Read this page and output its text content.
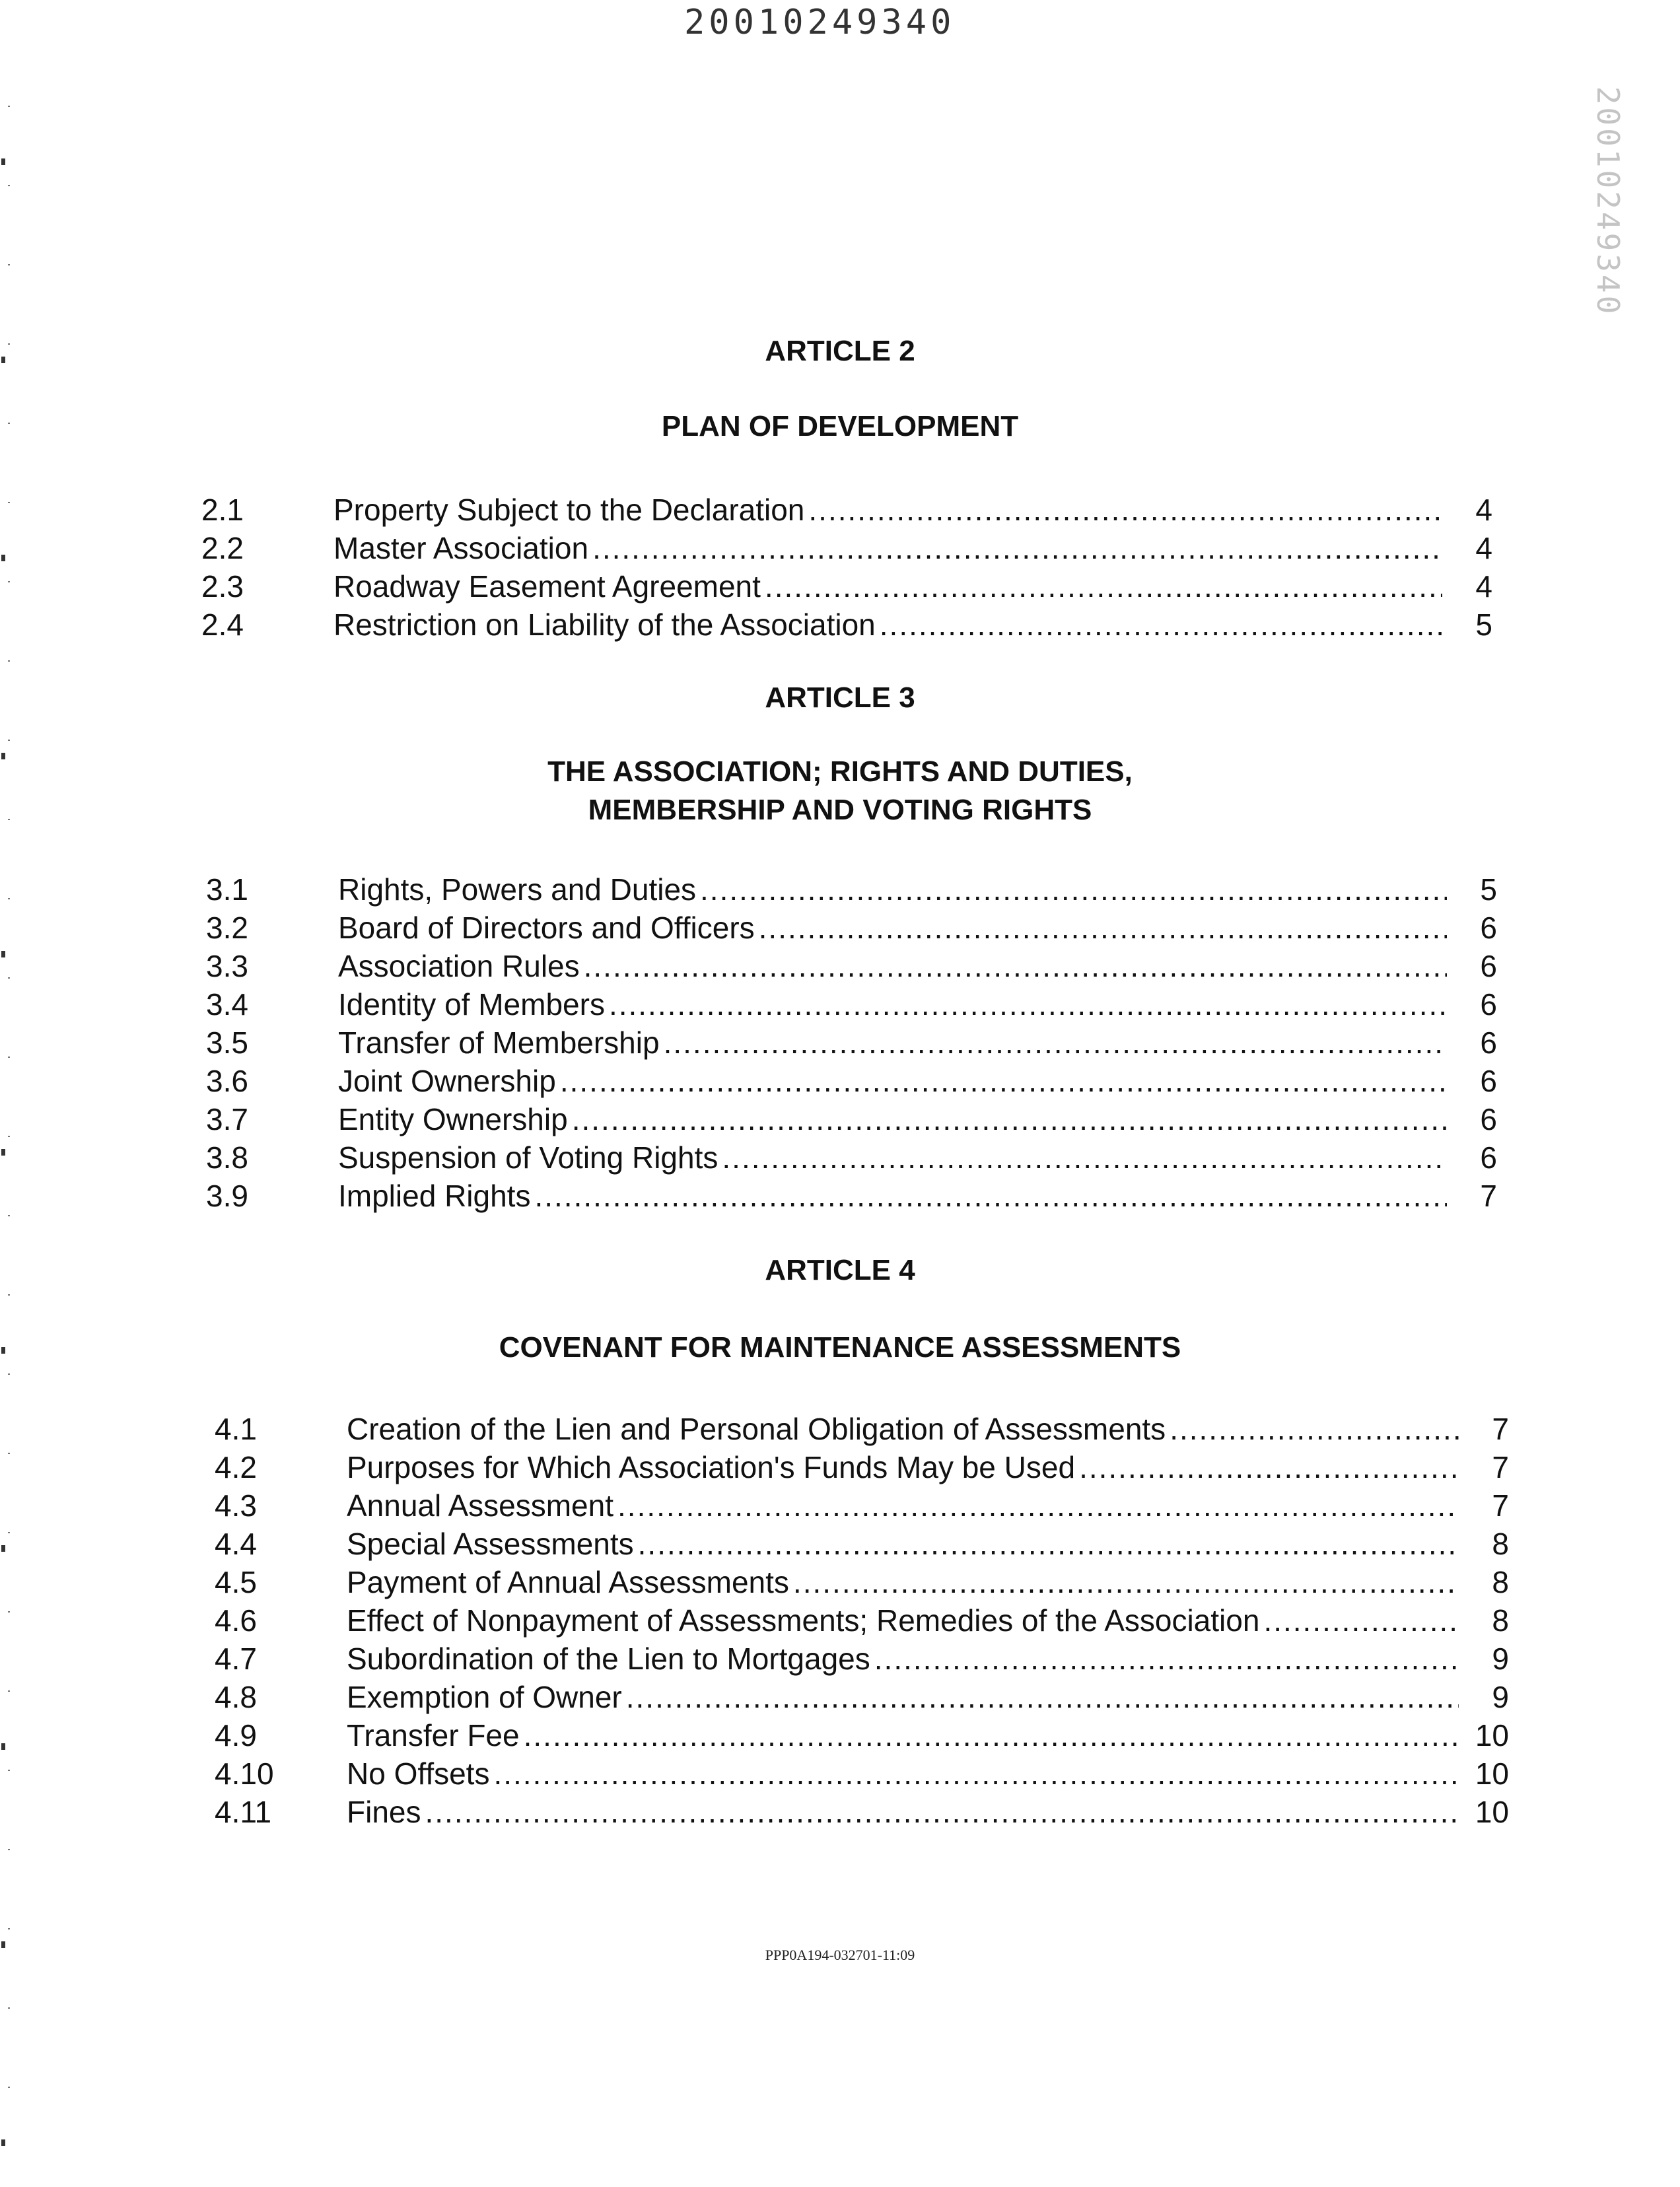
20010249340
20010249340
ARTICLE 2
PLAN OF DEVELOPMENT
2.1	Property Subject to the Declaration .....	4
2.2	Master Association .....	4
2.3	Roadway Easement Agreement .....	4
2.4	Restriction on Liability of the Association .....	5
ARTICLE 3
THE ASSOCIATION; RIGHTS AND DUTIES,
MEMBERSHIP AND VOTING RIGHTS
3.1	Rights, Powers and Duties .....	5
3.2	Board of Directors and Officers .....	6
3.3	Association Rules .....	6
3.4	Identity of Members .....	6
3.5	Transfer of Membership .....	6
3.6	Joint Ownership .....	6
3.7	Entity Ownership .....	6
3.8	Suspension of Voting Rights .....	6
3.9	Implied Rights .....	7
ARTICLE 4
COVENANT FOR MAINTENANCE ASSESSMENTS
4.1	Creation of the Lien and Personal Obligation of Assessments .....	7
4.2	Purposes for Which Association's Funds May be Used .....	7
4.3	Annual Assessment .....	7
4.4	Special Assessments .....	8
4.5	Payment of Annual Assessments .....	8
4.6	Effect of Nonpayment of Assessments; Remedies of the Association .....	8
4.7	Subordination of the Lien to Mortgages .....	9
4.8	Exemption of Owner .....	9
4.9	Transfer Fee .....	10
4.10	No Offsets .....	10
4.11	Fines .....	10
PPP0A194-032701-11:09
